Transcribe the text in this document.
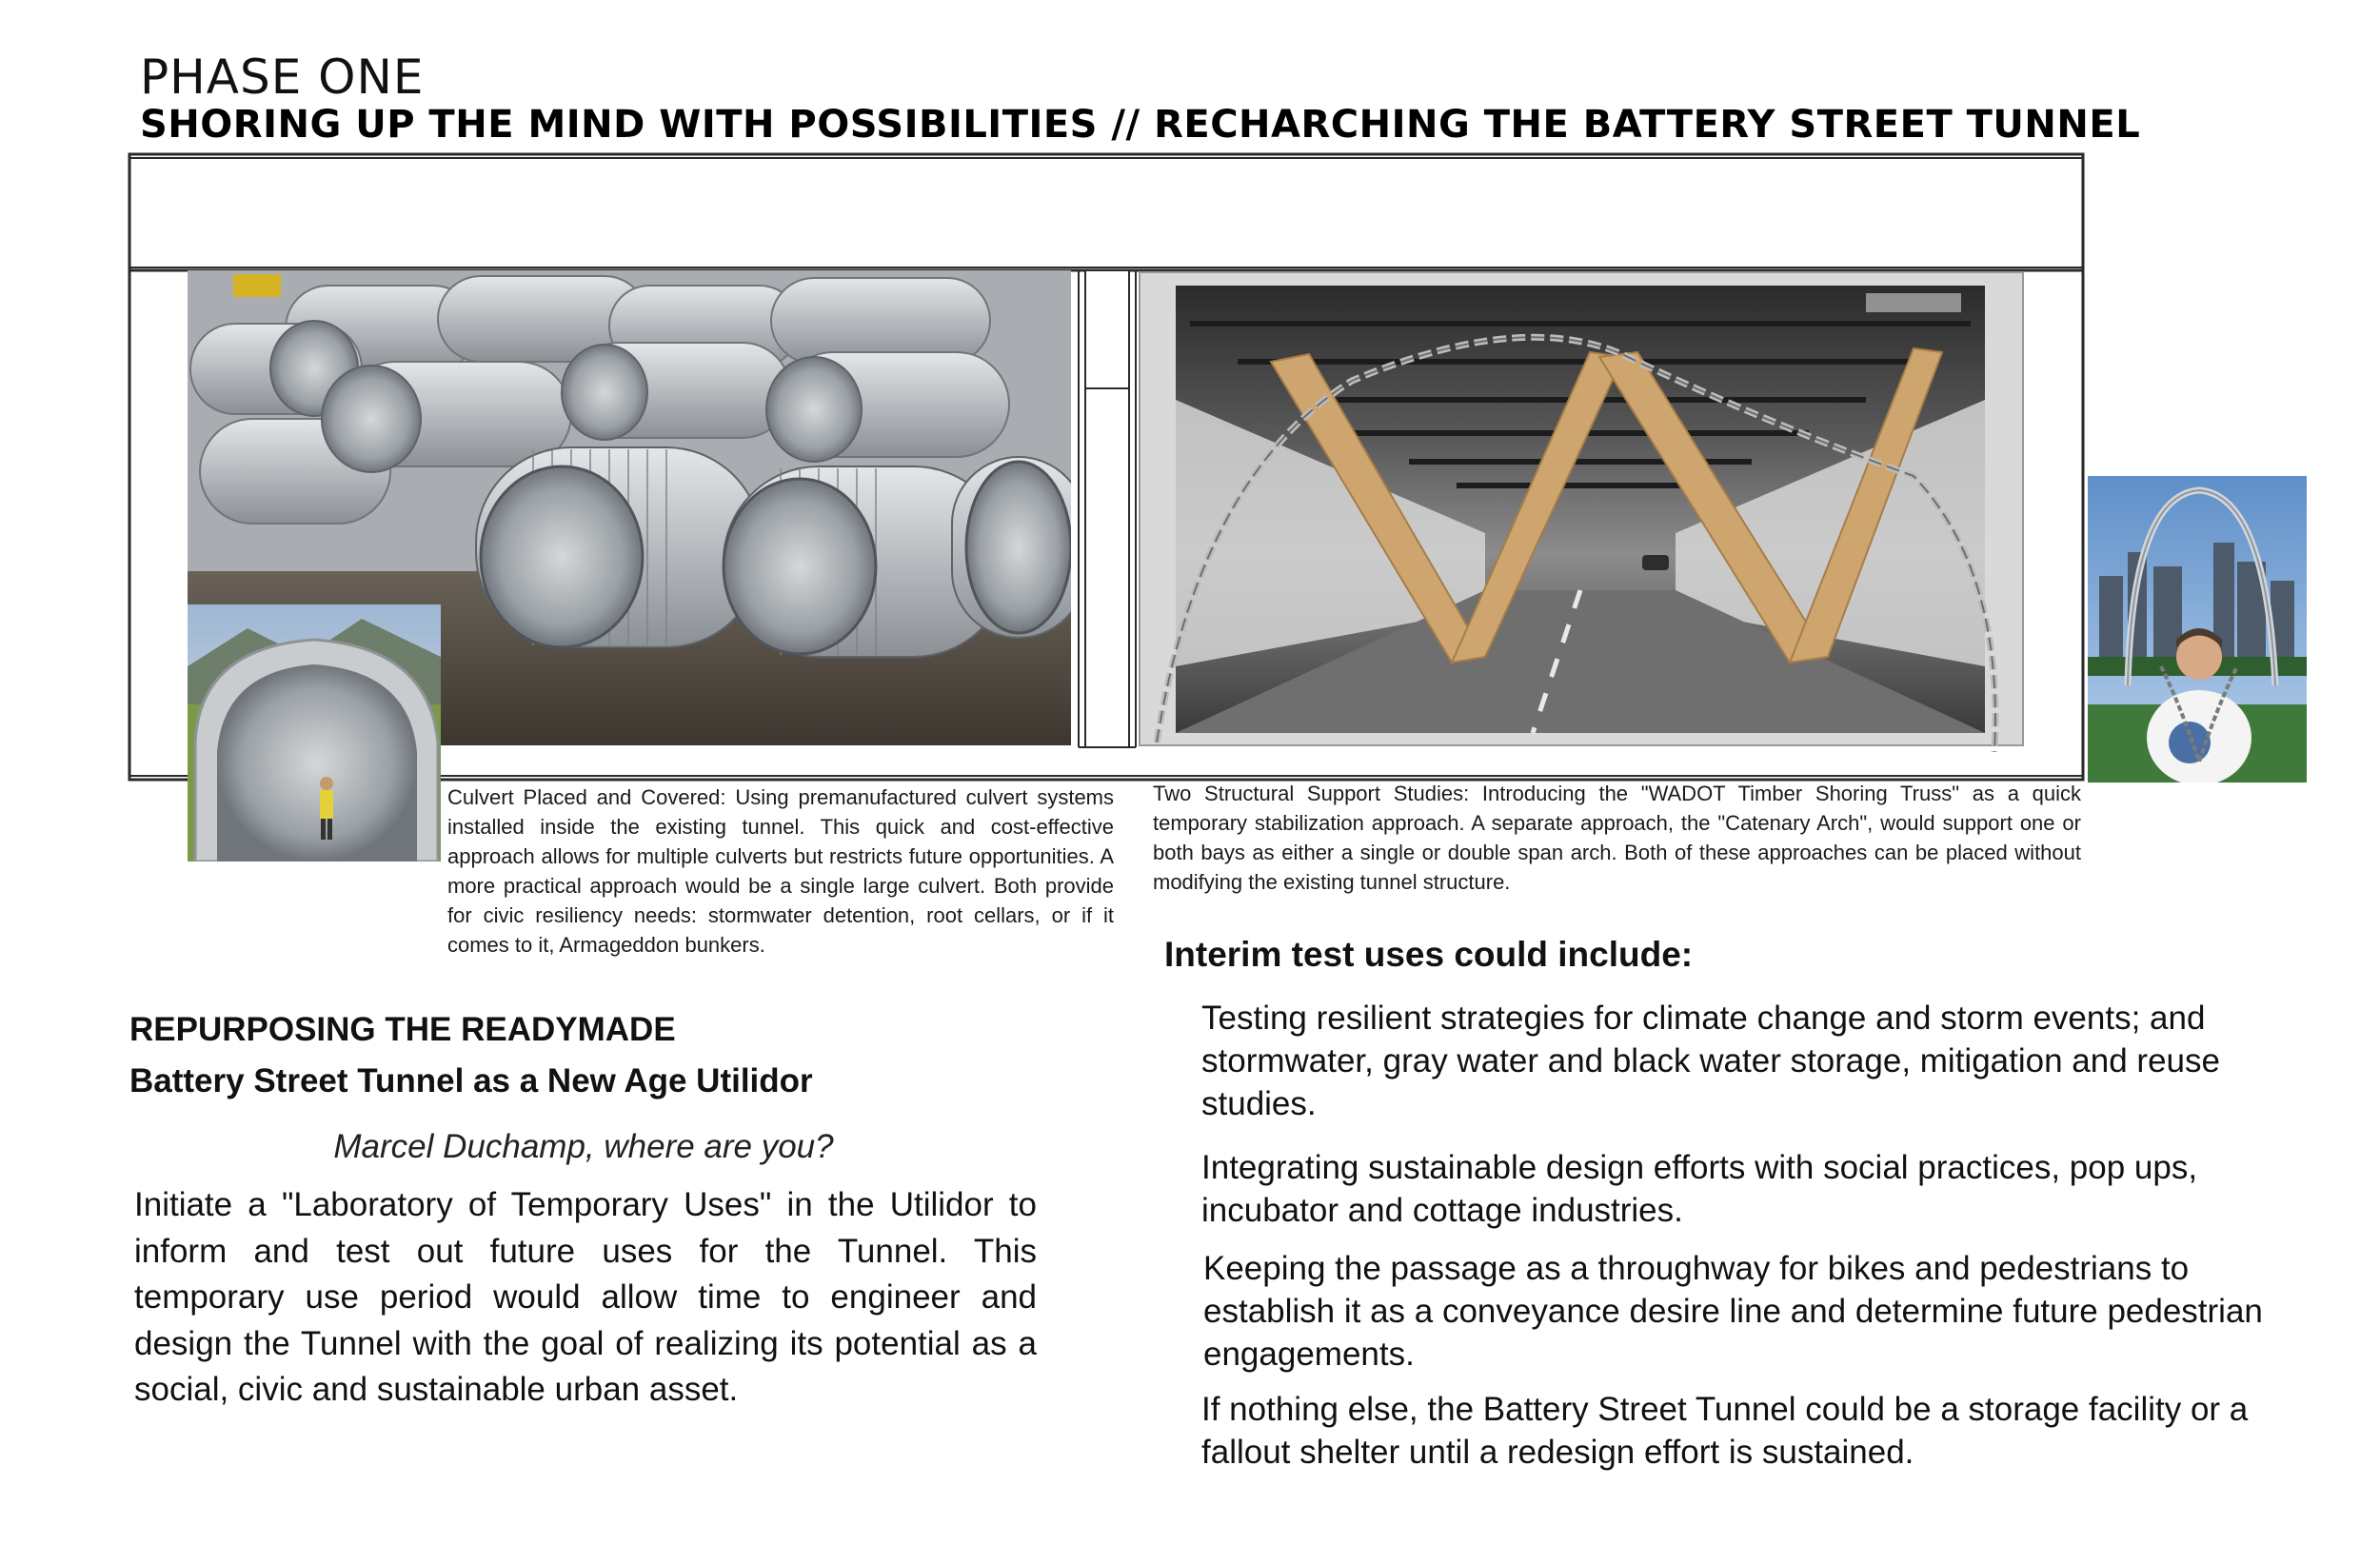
PHASE ONE
SHORING UP THE MIND WITH POSSIBILITIES // RECHARCHING THE BATTERY STREET TUNNEL
Culvert Placed and Covered: Using premanufactured culvert systems installed inside the existing tunnel. This quick and cost-effective approach allows for multiple culverts but restricts future opportunities. A more practical approach would be a single large culvert. Both provide for civic resiliency needs: stormwater detention, root cellars, or if it comes to it, Armageddon bunkers.
Two Structural Support Studies: Introducing the "WADOT Timber Shoring Truss" as a quick temporary stabilization approach. A separate approach, the "Catenary Arch", would support one or both bays as either a single or double span arch. Both of these approaches can be placed without modifying the existing tunnel structure.
REPURPOSING THE READYMADE
Battery Street Tunnel as a New Age Utilidor
Marcel Duchamp, where are you?
Initiate a "Laboratory of Temporary Uses" in the Utilidor to inform and test out future uses for the Tunnel. This temporary use period would allow time to engineer and design the Tunnel with the goal of realizing its potential as a social, civic and sustainable urban asset.
Interim test uses could include:
Testing resilient strategies for climate change and storm events; and stormwater, gray water and black water storage, mitigation and reuse studies.
Integrating sustainable design efforts with social practices, pop ups, incubator and cottage industries.
Keeping the passage as a throughway for bikes and pedestrians to establish it as a conveyance desire line and determine future pedestrian engagements.
If nothing else, the Battery Street Tunnel could be a storage facility or a fallout shelter until a redesign effort is sustained.
